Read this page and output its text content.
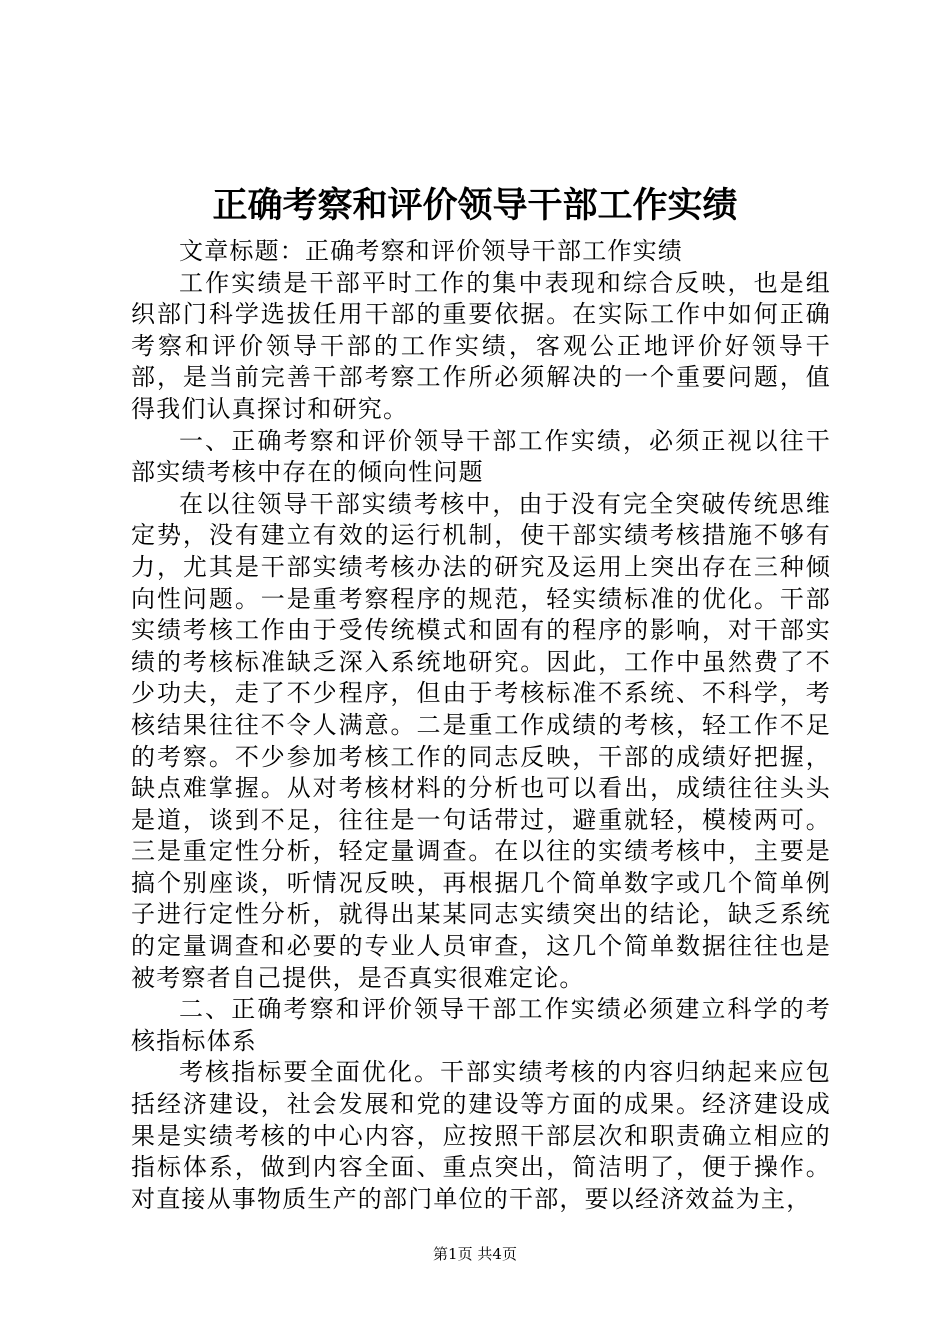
正确考察和评价领导干部工作实绩

文章标题：正确考察和评价领导干部工作实绩

工作实绩是干部平时工作的集中表现和综合反映，也是组织部门科学选拔任用干部的重要依据。在实际工作中如何正确考察和评价领导干部的工作实绩，客观公正地评价好领导干部，是当前完善干部考察工作所必须解决的一个重要问题，值得我们认真探讨和研究。

一、正确考察和评价领导干部工作实绩，必须正视以往干部实绩考核中存在的倾向性问题

在以往领导干部实绩考核中，由于没有完全突破传统思维定势，没有建立有效的运行机制，使干部实绩考核措施不够有力，尤其是干部实绩考核办法的研究及运用上突出存在三种倾向性问题。一是重考察程序的规范，轻实绩标准的优化。干部实绩考核工作由于受传统模式和固有的程序的影响，对干部实绩的考核标准缺乏深入系统地研究。因此，工作中虽然费了不少功夫，走了不少程序，但由于考核标准不系统、不科学，考核结果往往不令人满意。二是重工作成绩的考核，轻工作不足的考察。不少参加考核工作的同志反映，干部的成绩好把握，缺点难掌握。从对考核材料的分析也可以看出，成绩往往头头是道，谈到不足，往往是一句话带过，避重就轻，模棱两可。三是重定性分析，轻定量调查。在以往的实绩考核中，主要是搞个别座谈，听情况反映，再根据几个简单数字或几个简单例子进行定性分析，就得出某某同志实绩突出的结论，缺乏系统的定量调查和必要的专业人员审查，这几个简单数据往往也是被考察者自己提供，是否真实很难定论。

二、正确考察和评价领导干部工作实绩必须建立科学的考核指标体系

考核指标要全面优化。干部实绩考核的内容归纳起来应包括经济建设，社会发展和党的建设等方面的成果。经济建设成果是实绩考核的中心内容，应按照干部层次和职责确立相应的指标体系，做到内容全面、重点突出，简洁明了，便于操作。对直接从事物质生产的部门单位的干部，要以经济效益为主，

第1页 共4页
